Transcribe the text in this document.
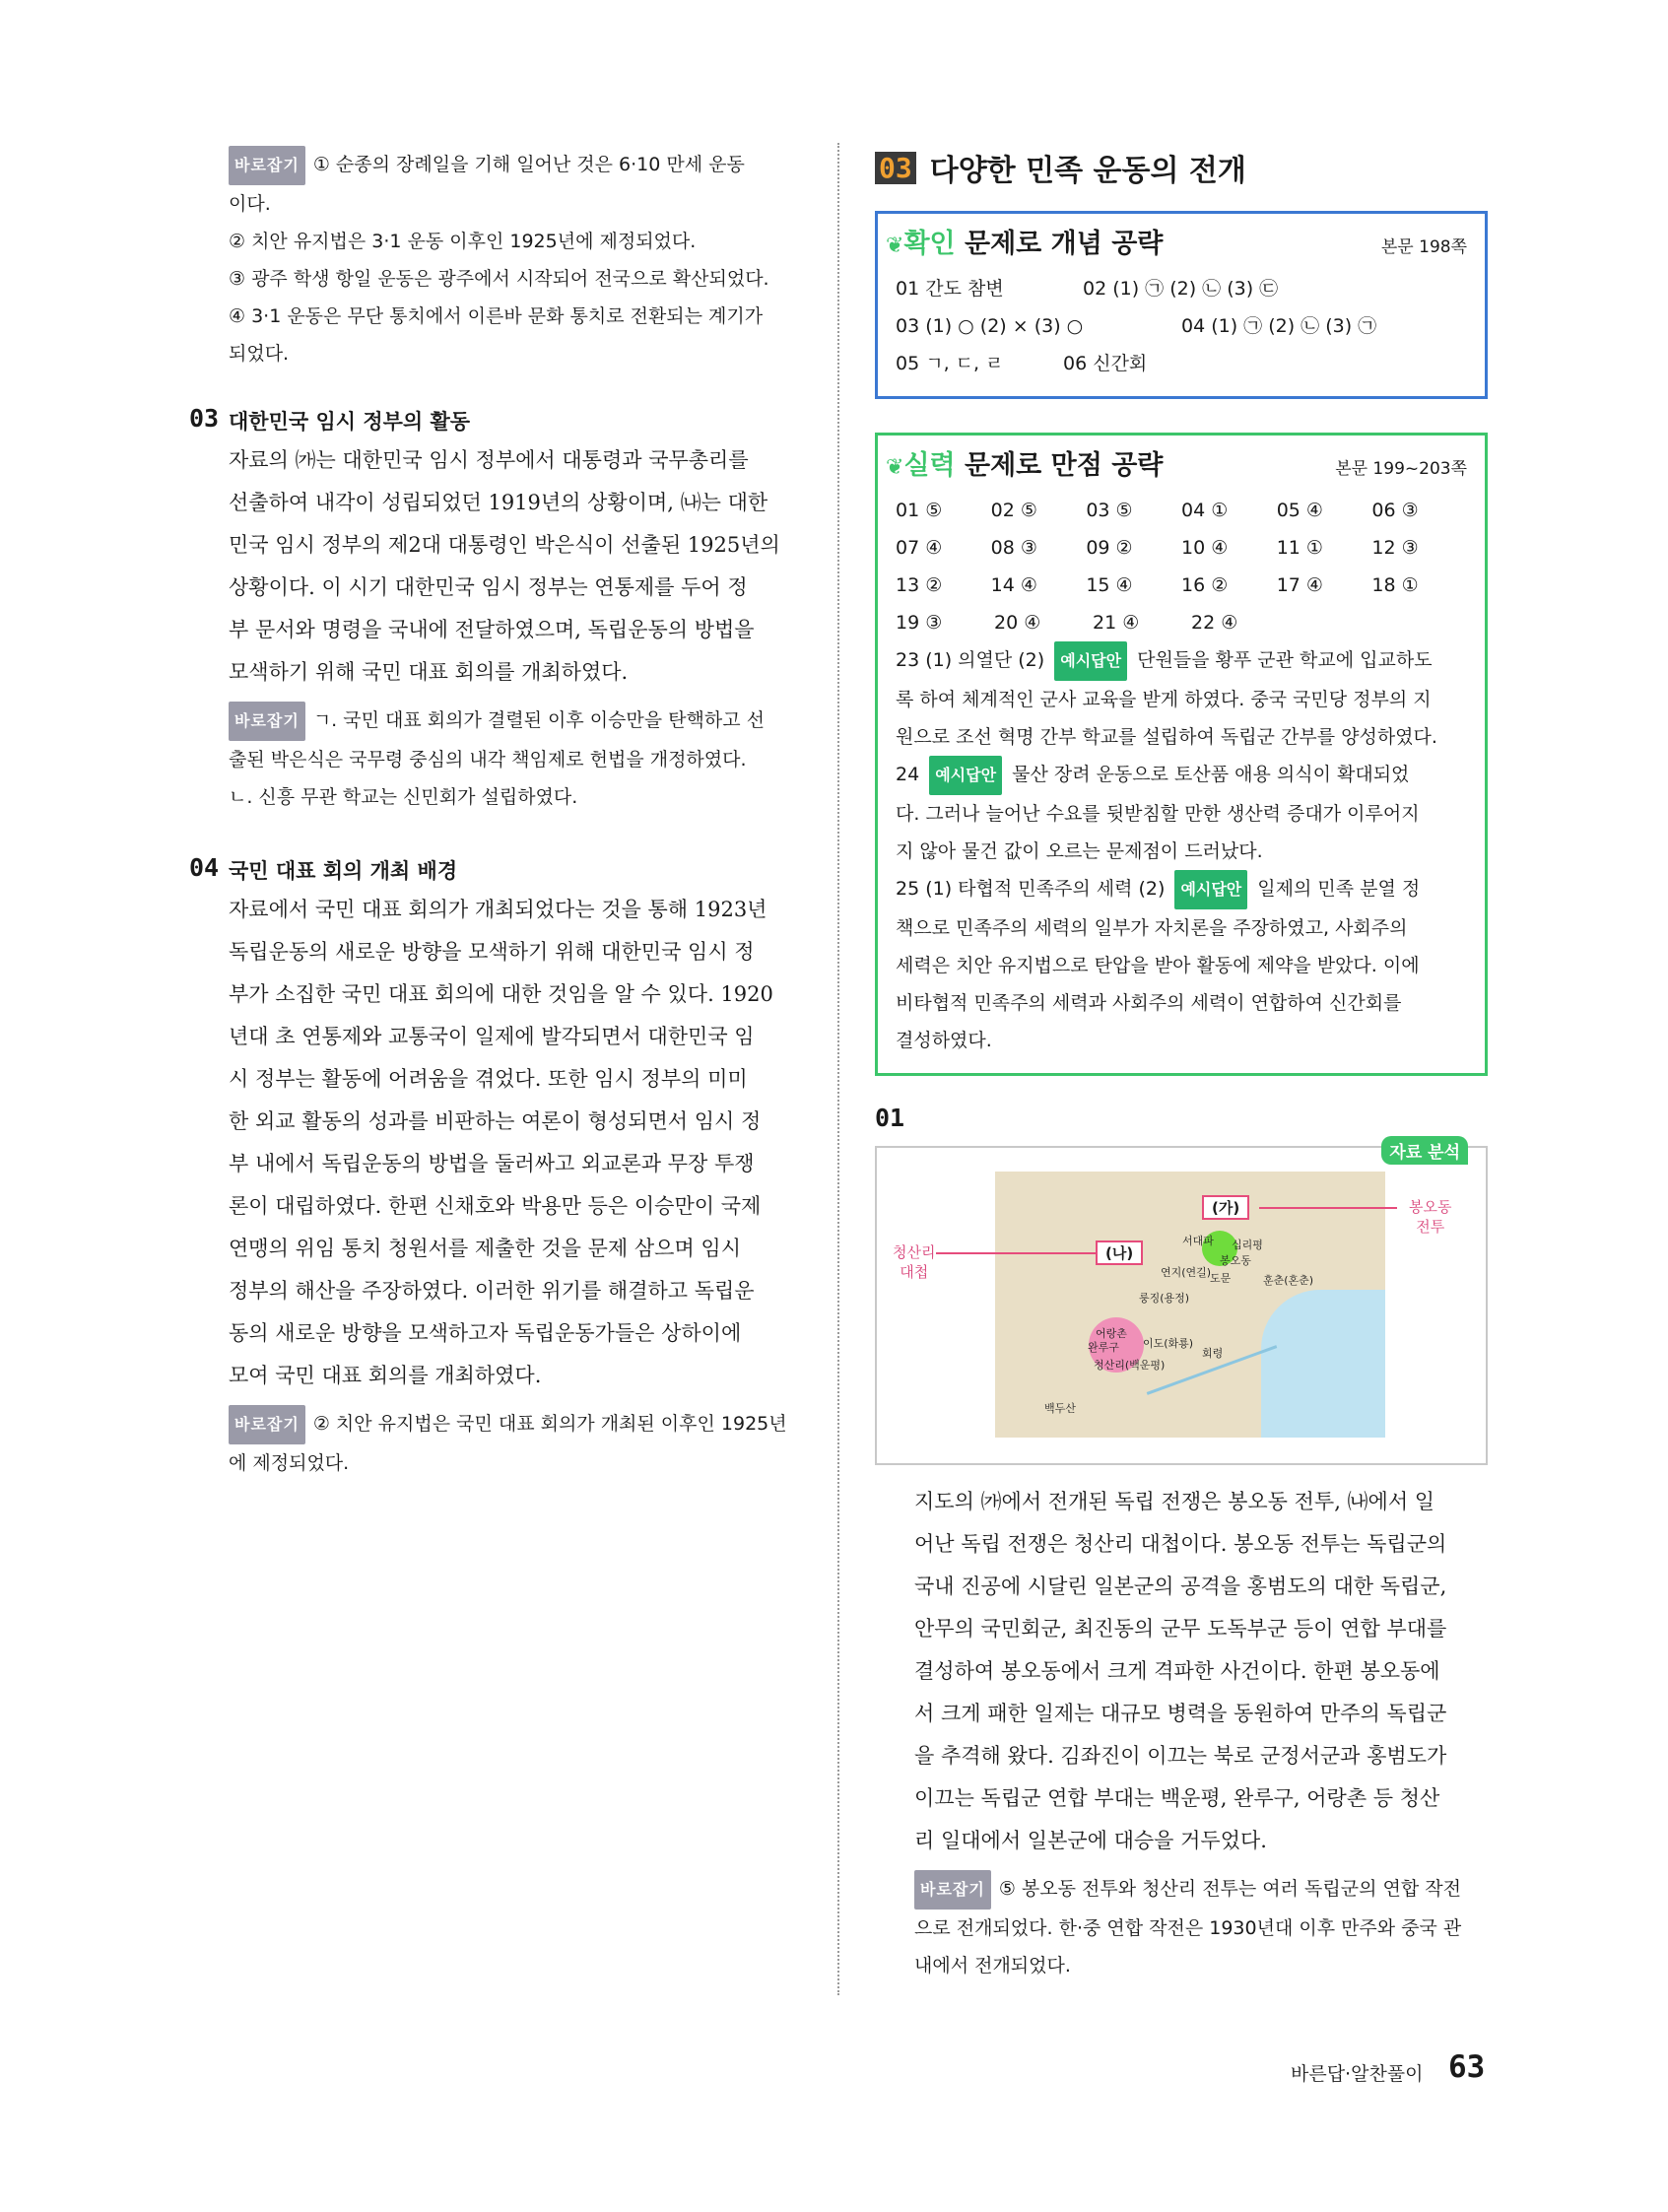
바로잡기 ① 순종의 장례일을 기해 일어난 것은 6·10 만세 운동

이다.

② 치안 유지법은 3·1 운동 이후인 1925년에 제정되었다.

③ 광주 학생 항일 운동은 광주에서 시작되어 전국으로 확산되었다.

④ 3·1 운동은 무단 통치에서 이른바 문화 통치로 전환되는 계기가

되었다.

03 대한민국 임시 정부의 활동

자료의 ㈎는 대한민국 임시 정부에서 대통령과 국무총리를

선출하여 내각이 성립되었던 1919년의 상황이며, ㈏는 대한

민국 임시 정부의 제2대 대통령인 박은식이 선출된 1925년의

상황이다. 이 시기 대한민국 임시 정부는 연통제를 두어 정

부 문서와 명령을 국내에 전달하였으며, 독립운동의 방법을

모색하기 위해 국민 대표 회의를 개최하였다.

바로잡기 ㄱ. 국민 대표 회의가 결렬된 이후 이승만을 탄핵하고 선

출된 박은식은 국무령 중심의 내각 책임제로 헌법을 개정하였다.

ㄴ. 신흥 무관 학교는 신민회가 설립하였다.

04 국민 대표 회의 개최 배경

자료에서 국민 대표 회의가 개최되었다는 것을 통해 1923년

독립운동의 새로운 방향을 모색하기 위해 대한민국 임시 정

부가 소집한 국민 대표 회의에 대한 것임을 알 수 있다. 1920

년대 초 연통제와 교통국이 일제에 발각되면서 대한민국 임

시 정부는 활동에 어려움을 겪었다. 또한 임시 정부의 미미

한 외교 활동의 성과를 비판하는 여론이 형성되면서 임시 정

부 내에서 독립운동의 방법을 둘러싸고 외교론과 무장 투쟁

론이 대립하였다. 한편 신채호와 박용만 등은 이승만이 국제

연맹의 위임 통치 청원서를 제출한 것을 문제 삼으며 임시

정부의 해산을 주장하였다. 이러한 위기를 해결하고 독립운

동의 새로운 방향을 모색하고자 독립운동가들은 상하이에

모여 국민 대표 회의를 개최하였다.

바로잡기 ② 치안 유지법은 국민 대표 회의가 개최된 이후인 1925년

에 제정되었다.

03 다양한 민족 운동의 전개
❦확인 문제로 개념 공략	본문 198쪽
01 간도 참변	02 (1) ㉠ (2) ㉡ (3) ㉢
03 (1) ○ (2) × (3) ○	04 (1) ㉠ (2) ㉡ (3) ㉠
05 ㄱ, ㄷ, ㄹ	06 신간회
❦실력 문제로 만점 공략	본문 199~203쪽
01 ⑤	02 ⑤	03 ⑤	04 ①	05 ④	06 ③
07 ④	08 ③	09 ②	10 ④	11 ①	12 ③
13 ②	14 ④	15 ④	16 ②	17 ④	18 ①
19 ③	20 ④	21 ④	22 ④

23 (1) 의열단 (2) 예시답안 단원들을 황푸 군관 학교에 입교하도

록 하여 체계적인 군사 교육을 받게 하였다. 중국 국민당 정부의 지

원으로 조선 혁명 간부 학교를 설립하여 독립군 간부를 양성하였다.

24 예시답안 물산 장려 운동으로 토산품 애용 의식이 확대되었

다. 그러나 늘어난 수요를 뒷받침할 만한 생산력 증대가 이루어지

지 않아 물건 값이 오르는 문제점이 드러났다.

25 (1) 타협적 민족주의 세력 (2) 예시답안 일제의 민족 분열 정

책으로 민족주의 세력의 일부가 자치론을 주장하였고, 사회주의

세력은 치안 유지법으로 탄압을 받아 활동에 제약을 받았다. 이에

비타협적 민족주의 세력과 사회주의 세력이 연합하여 신간회를

결성하였다.

01
자료 분석
서대파 십리평
봉오동
연지(연길)
도문	훈춘(혼춘)
룽징(용정)
어랑촌
완루구 이도(화룡)
청산리(백운평)
회령
백두산
(가)
(나)
봉오동
전투
청산리
대첩

지도의 ㈎에서 전개된 독립 전쟁은 봉오동 전투, ㈏에서 일

어난 독립 전쟁은 청산리 대첩이다. 봉오동 전투는 독립군의

국내 진공에 시달린 일본군의 공격을 홍범도의 대한 독립군,

안무의 국민회군, 최진동의 군무 도독부군 등이 연합 부대를

결성하여 봉오동에서 크게 격파한 사건이다. 한편 봉오동에

서 크게 패한 일제는 대규모 병력을 동원하여 만주의 독립군

을 추격해 왔다. 김좌진이 이끄는 북로 군정서군과 홍범도가

이끄는 독립군 연합 부대는 백운평, 완루구, 어랑촌 등 청산

리 일대에서 일본군에 대승을 거두었다.

바로잡기 ⑤ 봉오동 전투와 청산리 전투는 여러 독립군의 연합 작전

으로 전개되었다. 한·중 연합 작전은 1930년대 이후 만주와 중국 관

내에서 전개되었다.

바른답·알찬풀이 63
